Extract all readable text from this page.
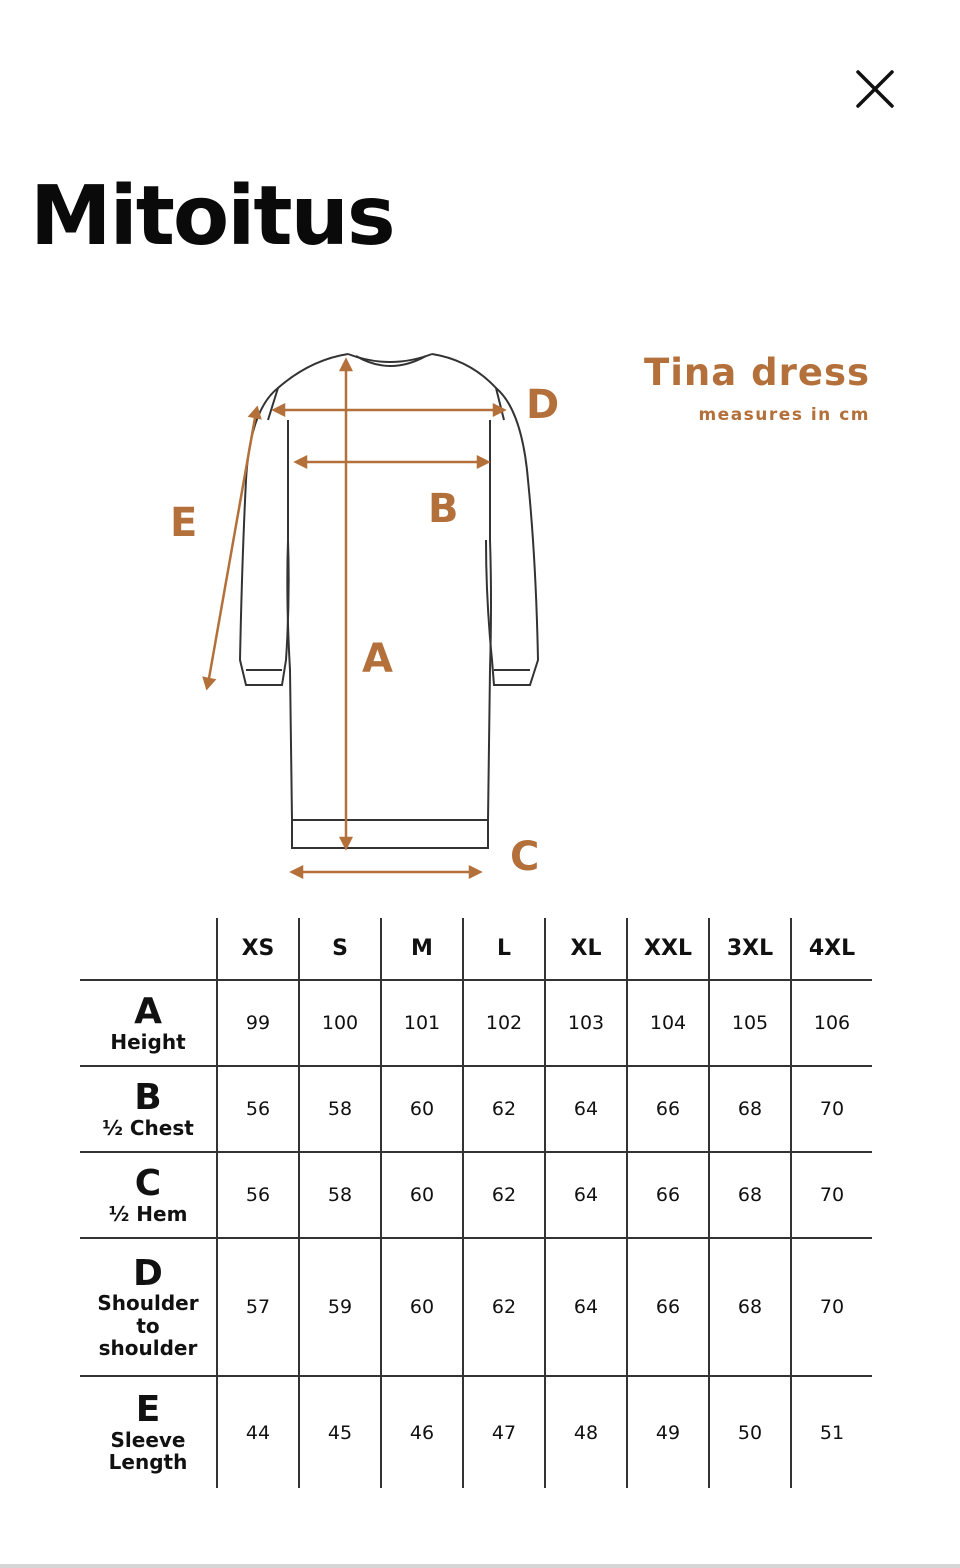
Mitoitus
Tina dress
measures in cm
D
B
E
A
C
	XS	S	M	L	XL	XXL	3XL	4XL

A
Height	99	100	101	102	103	104	105	106

B
½ Chest	56	58	60	62	64	66	68	70

C
½ Hem	56	58	60	62	64	66	68	70

D
Shoulder to shoulder	57	59	60	62	64	66	68	70

E
Sleeve Length	44	45	46	47	48	49	50	51
